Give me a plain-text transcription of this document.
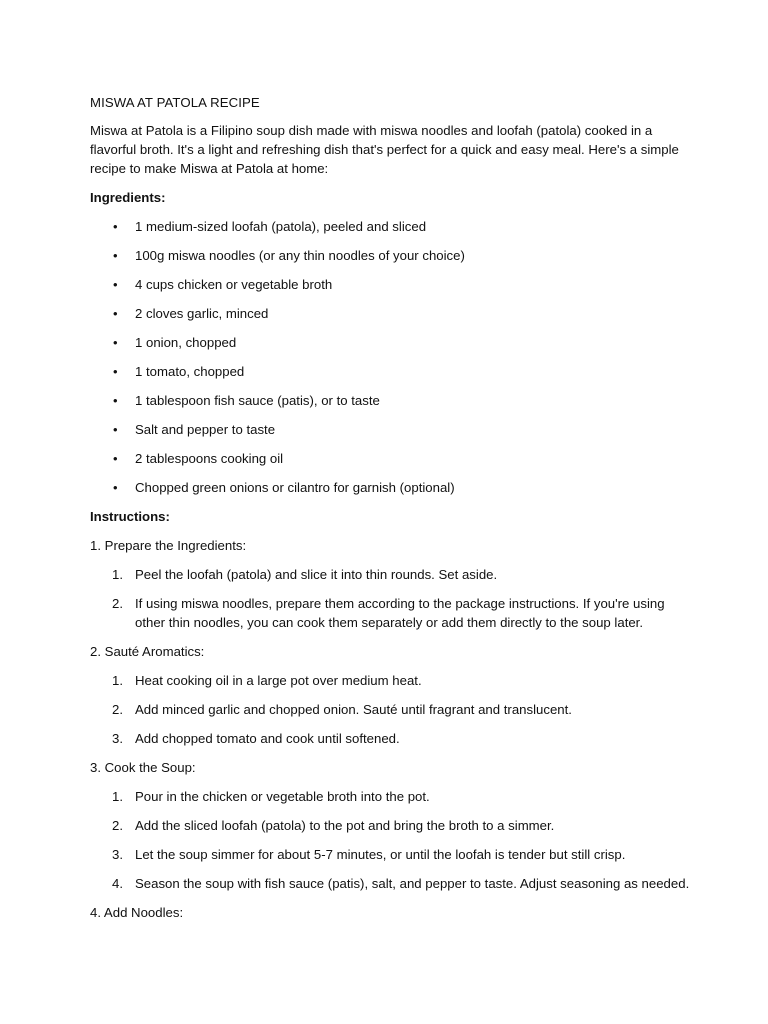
MISWA AT PATOLA RECIPE
Miswa at Patola is a Filipino soup dish made with miswa noodles and loofah (patola) cooked in a flavorful broth. It's a light and refreshing dish that's perfect for a quick and easy meal. Here's a simple recipe to make Miswa at Patola at home:
Ingredients:
• 1 medium-sized loofah (patola), peeled and sliced
• 100g miswa noodles (or any thin noodles of your choice)
• 4 cups chicken or vegetable broth
• 2 cloves garlic, minced
• 1 onion, chopped
• 1 tomato, chopped
• 1 tablespoon fish sauce (patis), or to taste
• Salt and pepper to taste
• 2 tablespoons cooking oil
• Chopped green onions or cilantro for garnish (optional)
Instructions:
1. Prepare the Ingredients:
1. Peel the loofah (patola) and slice it into thin rounds. Set aside.
2. If using miswa noodles, prepare them according to the package instructions. If you're using other thin noodles, you can cook them separately or add them directly to the soup later.
2. Sauté Aromatics:
1. Heat cooking oil in a large pot over medium heat.
2. Add minced garlic and chopped onion. Sauté until fragrant and translucent.
3. Add chopped tomato and cook until softened.
3. Cook the Soup:
1. Pour in the chicken or vegetable broth into the pot.
2. Add the sliced loofah (patola) to the pot and bring the broth to a simmer.
3. Let the soup simmer for about 5-7 minutes, or until the loofah is tender but still crisp.
4. Season the soup with fish sauce (patis), salt, and pepper to taste. Adjust seasoning as needed.
4. Add Noodles:
